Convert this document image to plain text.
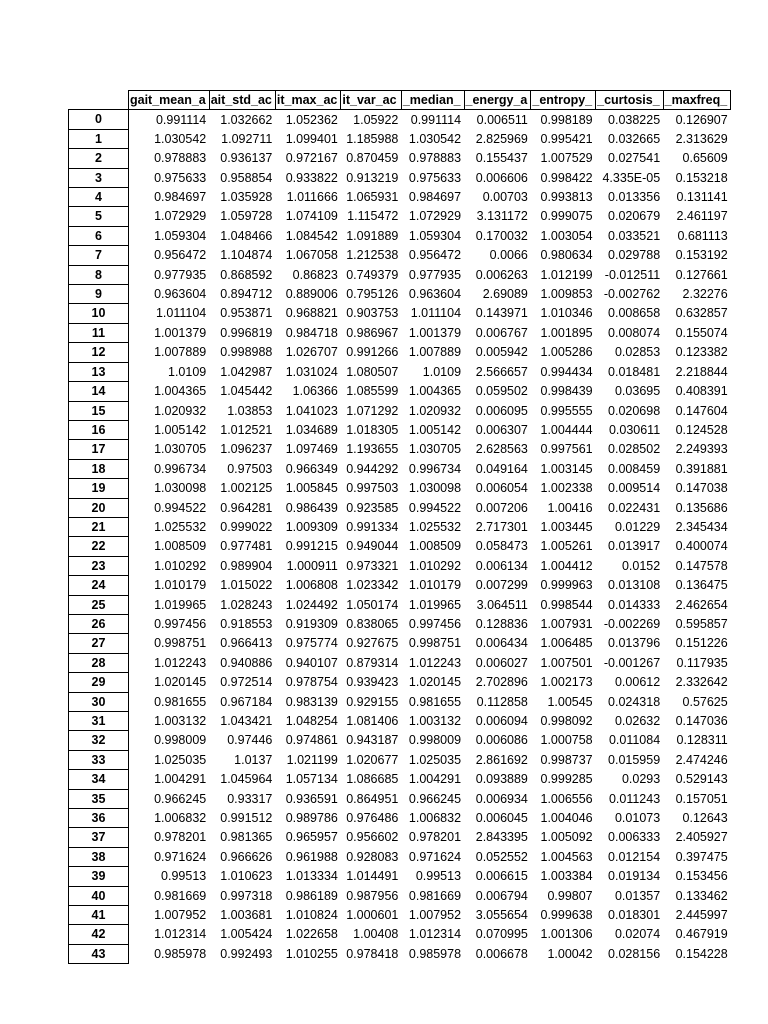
	gait_mean_a	ait_std_ac	it_max_ac	it_var_ac	_median_	_energy_a	_entropy_	_curtosis_	_maxfreq_
0	0.991114	1.032662	1.052362	1.05922	0.991114	0.006511	0.998189	0.038225	0.126907
1	1.030542	1.092711	1.099401	1.185988	1.030542	2.825969	0.995421	0.032665	2.313629
2	0.978883	0.936137	0.972167	0.870459	0.978883	0.155437	1.007529	0.027541	0.65609
3	0.975633	0.958854	0.933822	0.913219	0.975633	0.006606	0.998422	4.335E-05	0.153218
4	0.984697	1.035928	1.011666	1.065931	0.984697	0.00703	0.993813	0.013356	0.131141
5	1.072929	1.059728	1.074109	1.115472	1.072929	3.131172	0.999075	0.020679	2.461197
6	1.059304	1.048466	1.084542	1.091889	1.059304	0.170032	1.003054	0.033521	0.681113
7	0.956472	1.104874	1.067058	1.212538	0.956472	0.0066	0.980634	0.029788	0.153192
8	0.977935	0.868592	0.86823	0.749379	0.977935	0.006263	1.012199	-0.012511	0.127661
9	0.963604	0.894712	0.889006	0.795126	0.963604	2.69089	1.009853	-0.002762	2.32276
10	1.011104	0.953871	0.968821	0.903753	1.011104	0.143971	1.010346	0.008658	0.632857
11	1.001379	0.996819	0.984718	0.986967	1.001379	0.006767	1.001895	0.008074	0.155074
12	1.007889	0.998988	1.026707	0.991266	1.007889	0.005942	1.005286	0.02853	0.123382
13	1.0109	1.042987	1.031024	1.080507	1.0109	2.566657	0.994434	0.018481	2.218844
14	1.004365	1.045442	1.06366	1.085599	1.004365	0.059502	0.998439	0.03695	0.408391
15	1.020932	1.03853	1.041023	1.071292	1.020932	0.006095	0.995555	0.020698	0.147604
16	1.005142	1.012521	1.034689	1.018305	1.005142	0.006307	1.004444	0.030611	0.124528
17	1.030705	1.096237	1.097469	1.193655	1.030705	2.628563	0.997561	0.028502	2.249393
18	0.996734	0.97503	0.966349	0.944292	0.996734	0.049164	1.003145	0.008459	0.391881
19	1.030098	1.002125	1.005845	0.997503	1.030098	0.006054	1.002338	0.009514	0.147038
20	0.994522	0.964281	0.986439	0.923585	0.994522	0.007206	1.00416	0.022431	0.135686
21	1.025532	0.999022	1.009309	0.991334	1.025532	2.717301	1.003445	0.01229	2.345434
22	1.008509	0.977481	0.991215	0.949044	1.008509	0.058473	1.005261	0.013917	0.400074
23	1.010292	0.989904	1.000911	0.973321	1.010292	0.006134	1.004412	0.0152	0.147578
24	1.010179	1.015022	1.006808	1.023342	1.010179	0.007299	0.999963	0.013108	0.136475
25	1.019965	1.028243	1.024492	1.050174	1.019965	3.064511	0.998544	0.014333	2.462654
26	0.997456	0.918553	0.919309	0.838065	0.997456	0.128836	1.007931	-0.002269	0.595857
27	0.998751	0.966413	0.975774	0.927675	0.998751	0.006434	1.006485	0.013796	0.151226
28	1.012243	0.940886	0.940107	0.879314	1.012243	0.006027	1.007501	-0.001267	0.117935
29	1.020145	0.972514	0.978754	0.939423	1.020145	2.702896	1.002173	0.00612	2.332642
30	0.981655	0.967184	0.983139	0.929155	0.981655	0.112858	1.00545	0.024318	0.57625
31	1.003132	1.043421	1.048254	1.081406	1.003132	0.006094	0.998092	0.02632	0.147036
32	0.998009	0.97446	0.974861	0.943187	0.998009	0.006086	1.000758	0.011084	0.128311
33	1.025035	1.0137	1.021199	1.020677	1.025035	2.861692	0.998737	0.015959	2.474246
34	1.004291	1.045964	1.057134	1.086685	1.004291	0.093889	0.999285	0.0293	0.529143
35	0.966245	0.93317	0.936591	0.864951	0.966245	0.006934	1.006556	0.011243	0.157051
36	1.006832	0.991512	0.989786	0.976486	1.006832	0.006045	1.004046	0.01073	0.12643
37	0.978201	0.981365	0.965957	0.956602	0.978201	2.843395	1.005092	0.006333	2.405927
38	0.971624	0.966626	0.961988	0.928083	0.971624	0.052552	1.004563	0.012154	0.397475
39	0.99513	1.010623	1.013334	1.014491	0.99513	0.006615	1.003384	0.019134	0.153456
40	0.981669	0.997318	0.986189	0.987956	0.981669	0.006794	0.99807	0.01357	0.133462
41	1.007952	1.003681	1.010824	1.000601	1.007952	3.055654	0.999638	0.018301	2.445997
42	1.012314	1.005424	1.022658	1.00408	1.012314	0.070995	1.001306	0.02074	0.467919
43	0.985978	0.992493	1.010255	0.978418	0.985978	0.006678	1.00042	0.028156	0.154228
